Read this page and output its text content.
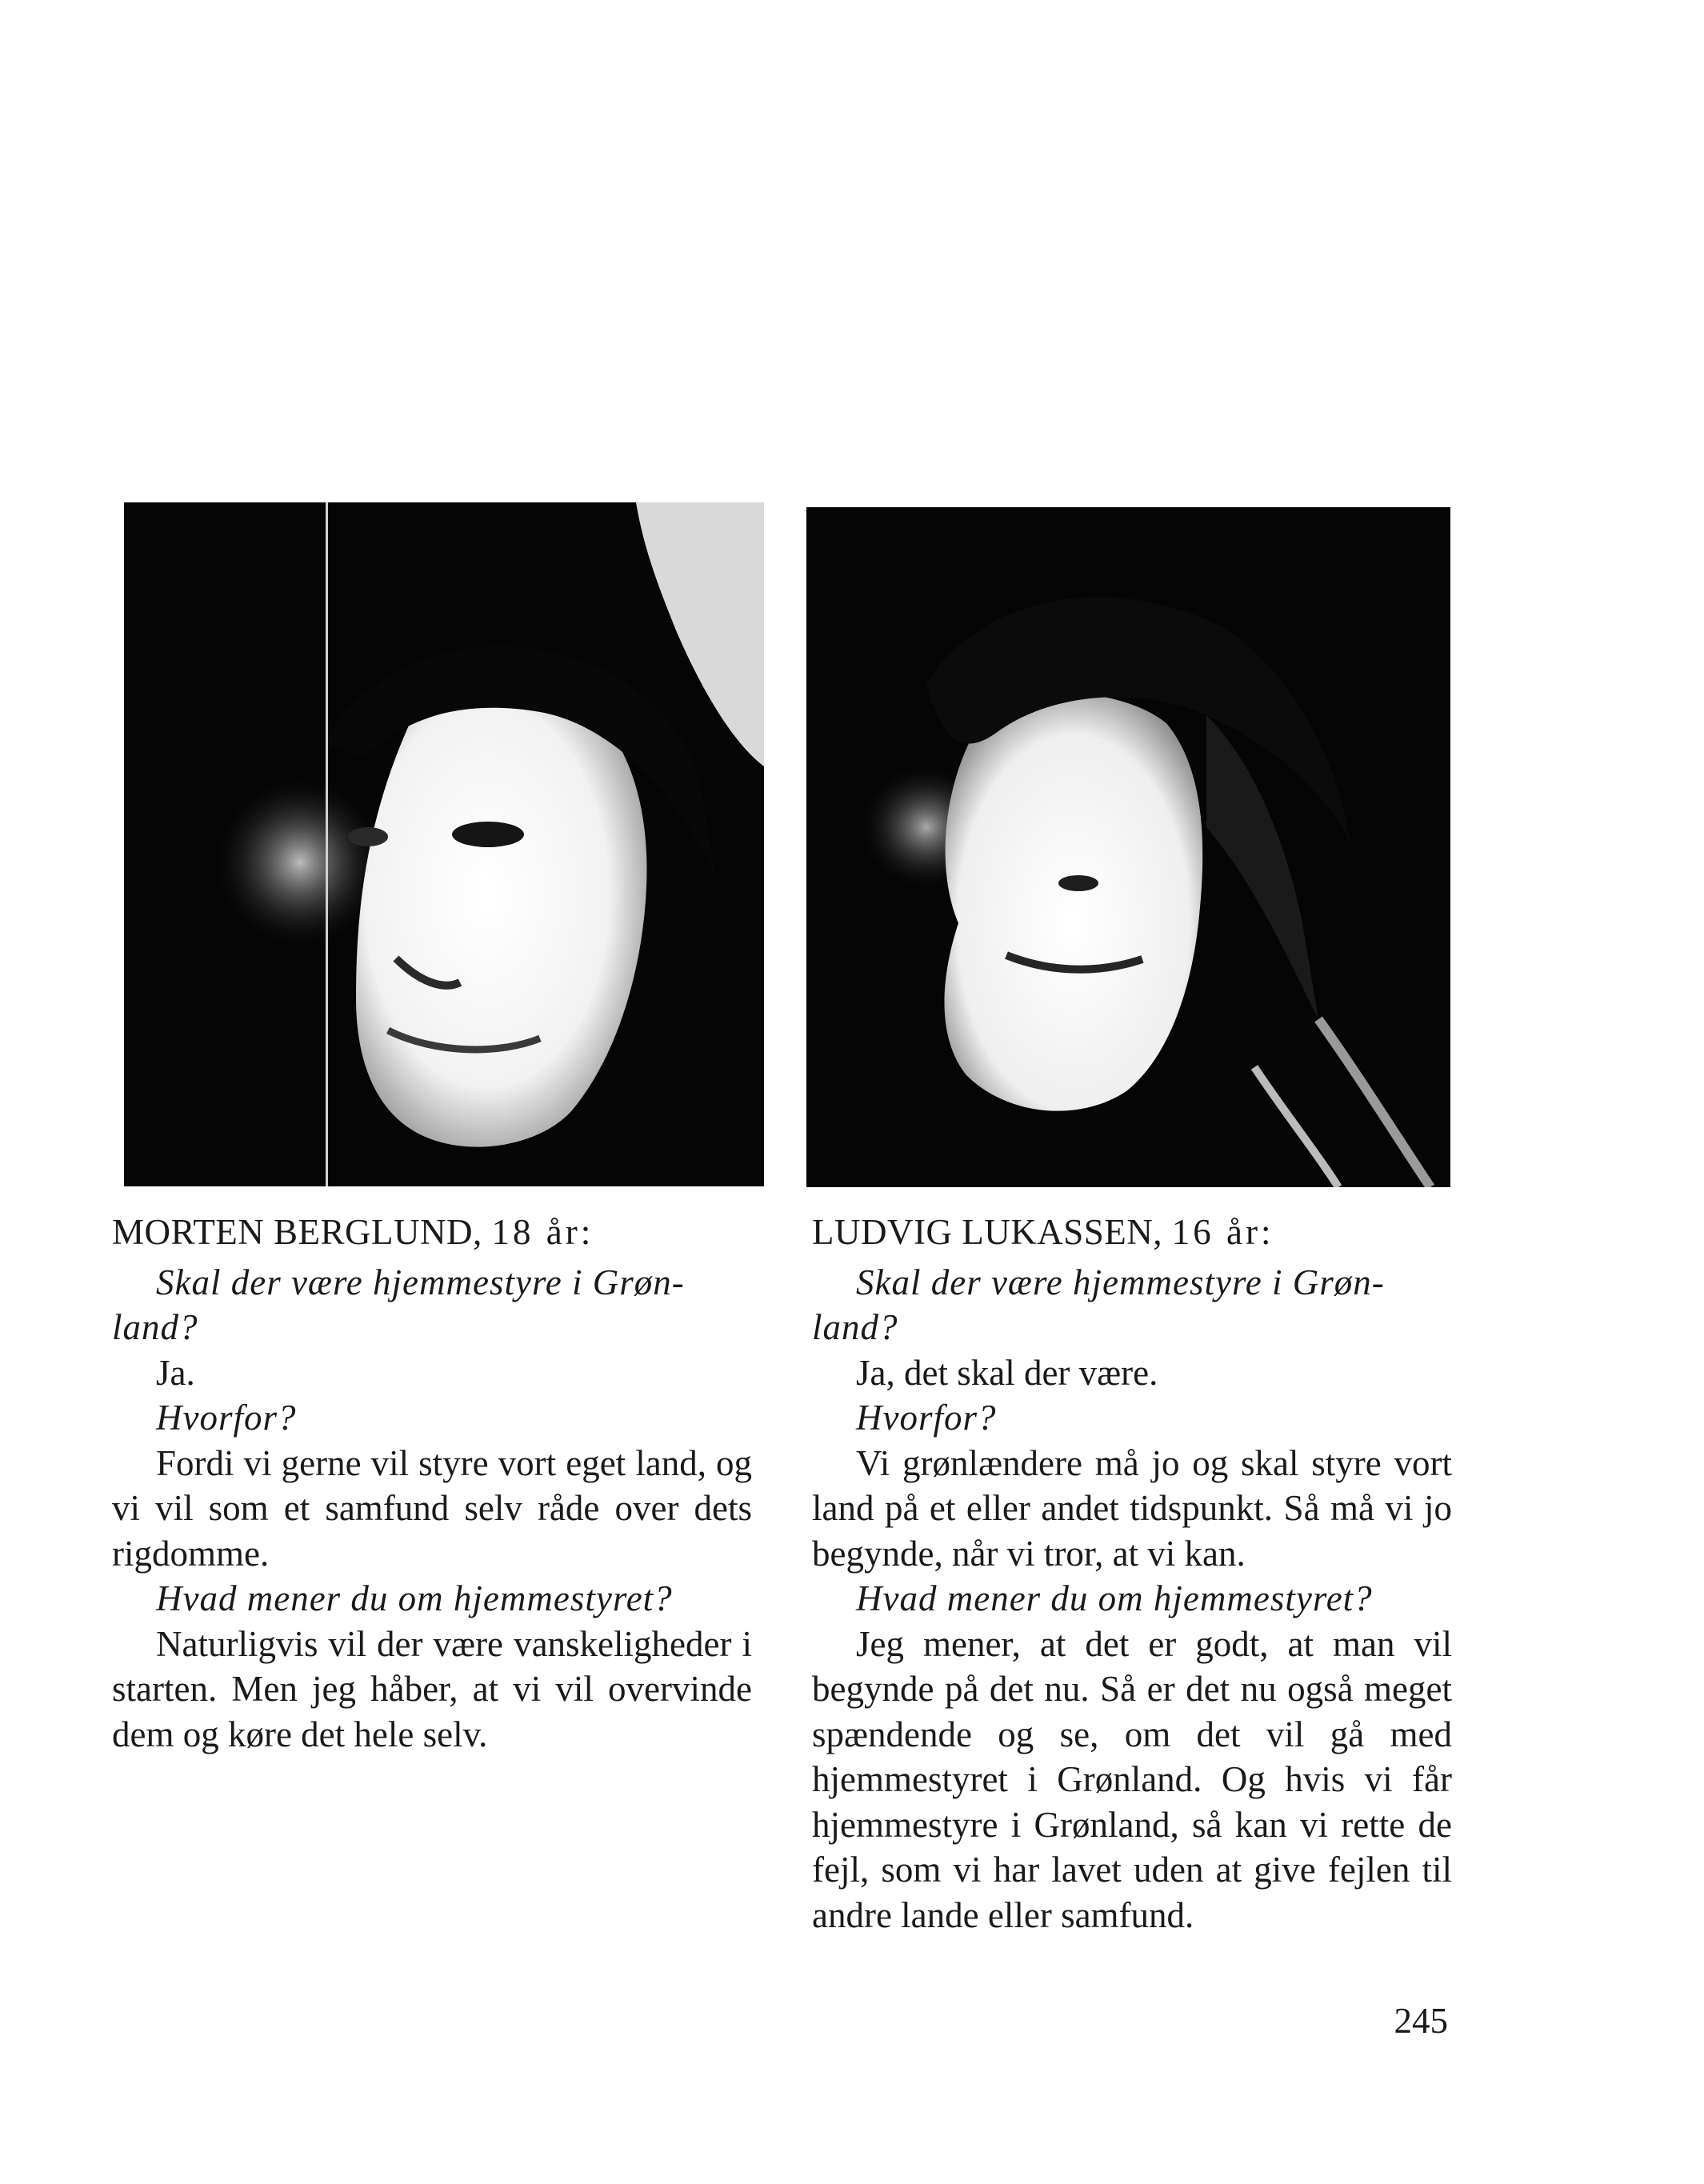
MORTEN BERGLUND, 18 år:

Skal der være hjemmestyre i Grøn-

land?

Ja.

Hvorfor?

Fordi vi gerne vil styre vort eget land, og vi vil som et samfund selv råde over dets rigdomme.

Hvad mener du om hjemmestyret?

Naturligvis vil der være vanskeligheder i starten. Men jeg håber, at vi vil overvinde dem og køre det hele selv.

LUDVIG LUKASSEN, 16 år:

Skal der være hjemmestyre i Grøn-

land?

Ja, det skal der være.

Hvorfor?

Vi grønlændere må jo og skal styre vort land på et eller andet tidspunkt. Så må vi jo begynde, når vi tror, at vi kan.

Hvad mener du om hjemmestyret?

Jeg mener, at det er godt, at man vil begynde på det nu. Så er det nu også meget spændende og se, om det vil gå med hjemmestyret i Grønland. Og hvis vi får hjemmestyre i Grønland, så kan vi rette de fejl, som vi har lavet uden at give fejlen til andre lande eller samfund.

245
